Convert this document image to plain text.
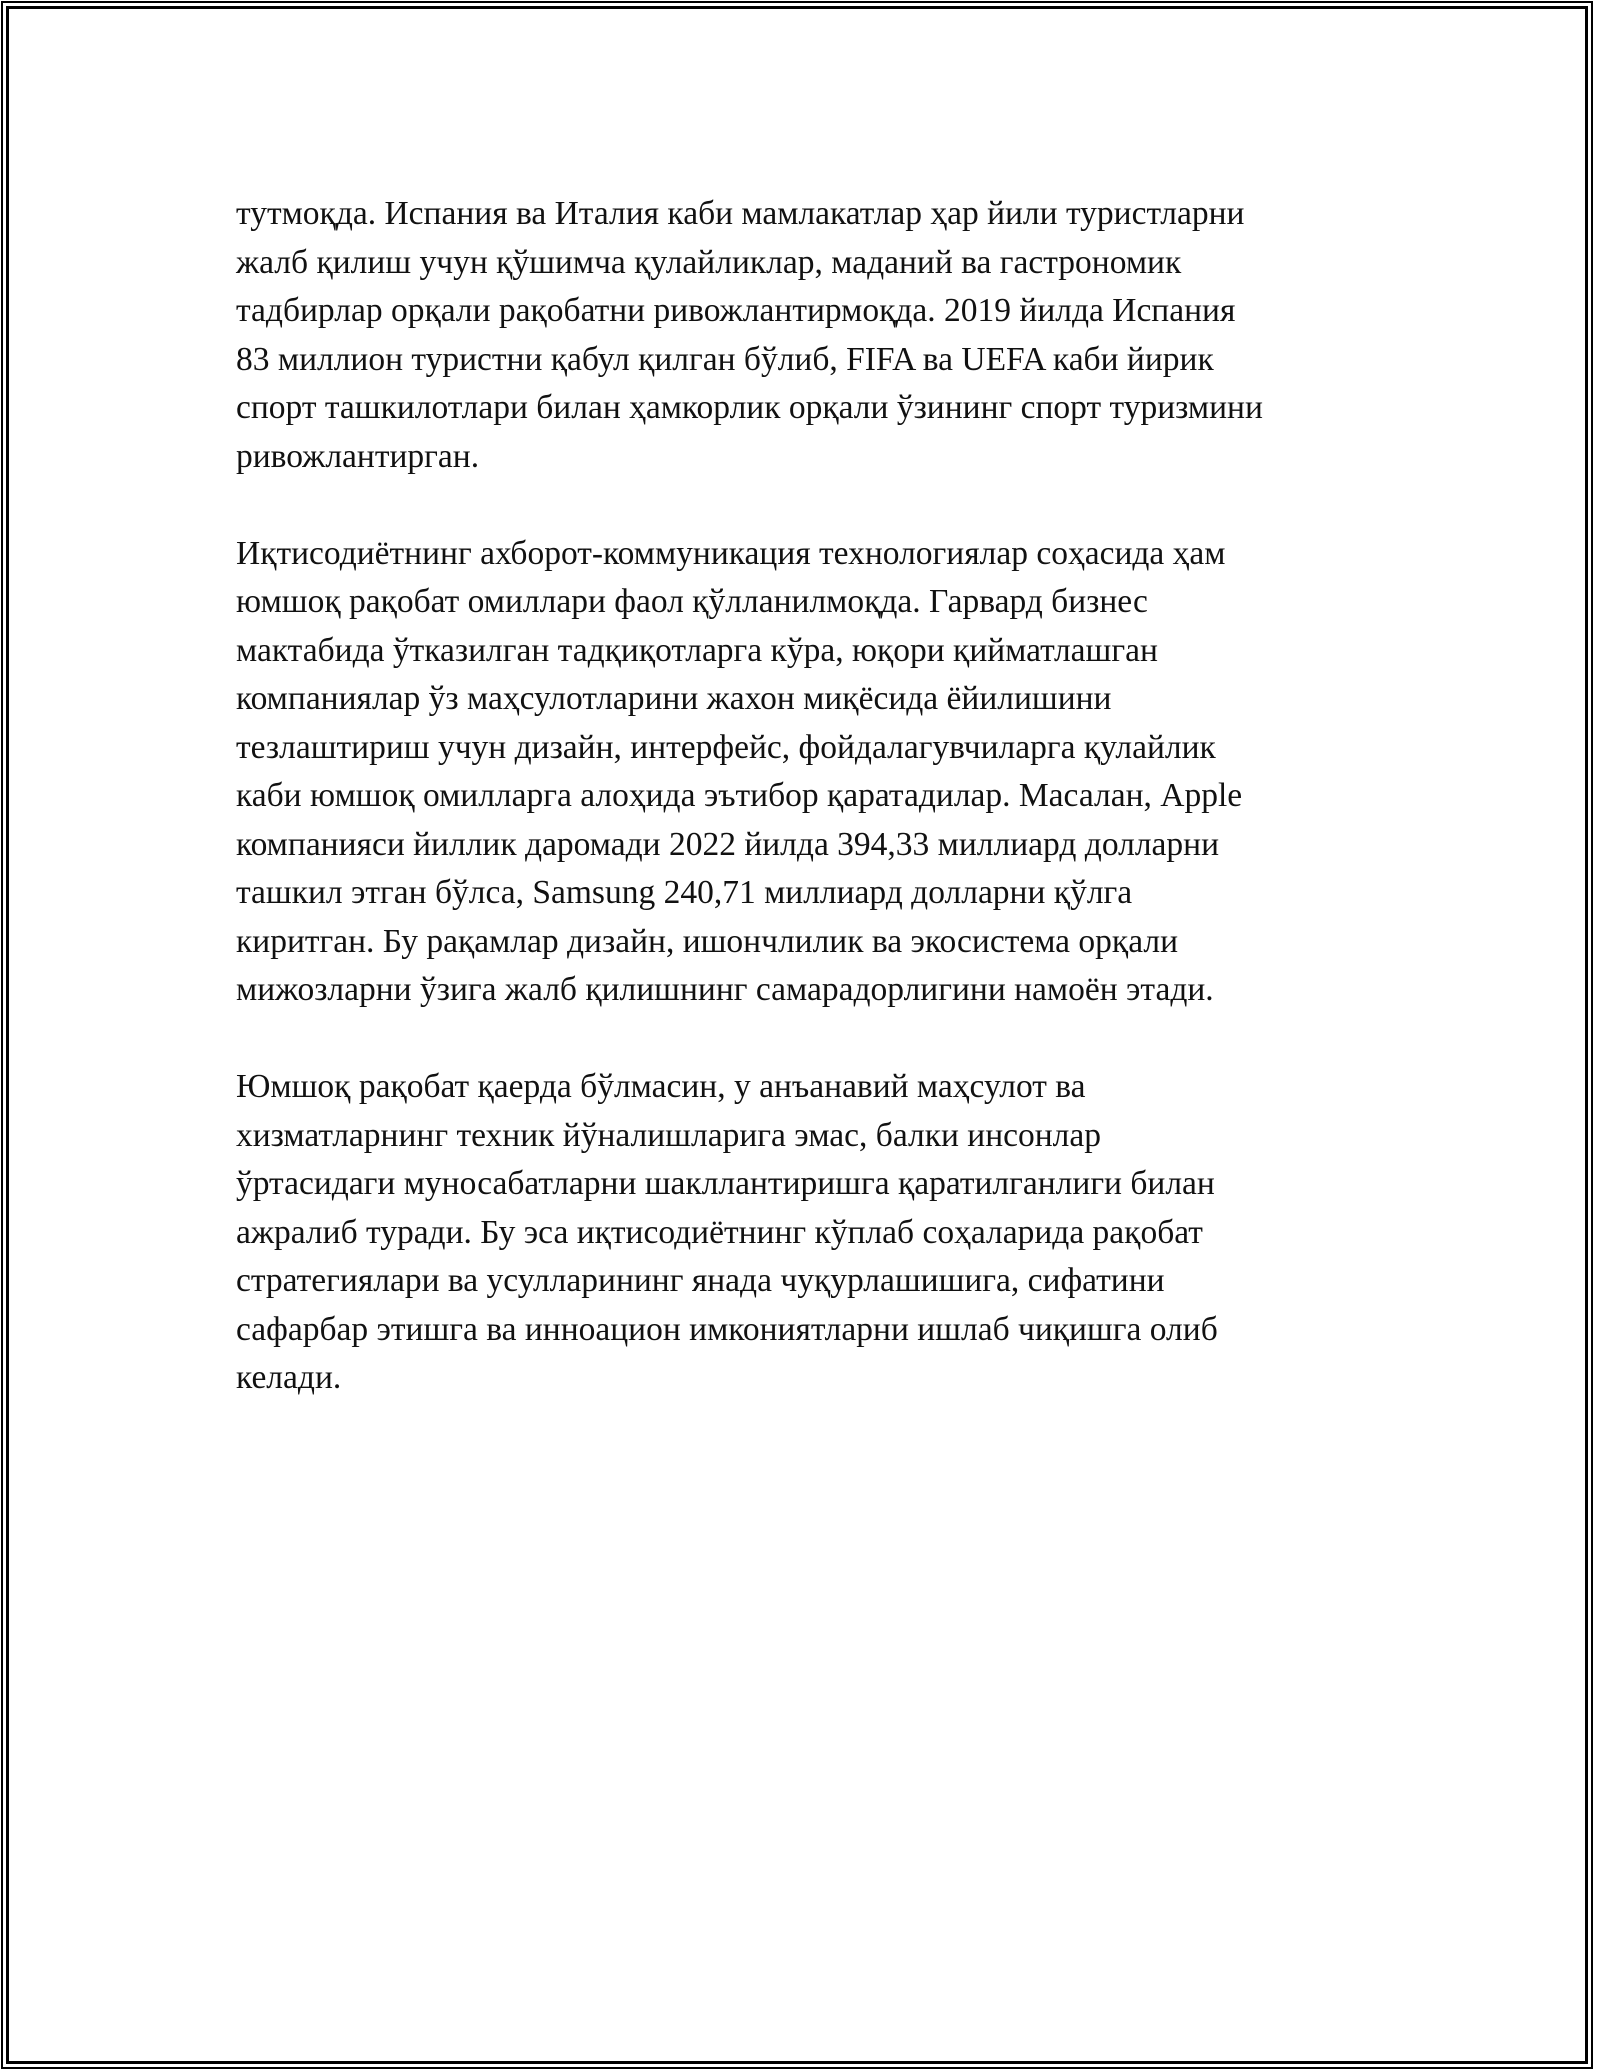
тутмоқда. Испания ва Италия каби мамлакатлар ҳар йили туристларни
жалб қилиш учун қўшимча қулайликлар, маданий ва гастрономик
тадбирлар орқали рақобатни ривожлантирмоқда. 2019 йилда Испания
83 миллион туристни қабул қилган бўлиб, FIFA ва UEFA каби йирик
спорт ташкилотлари билан ҳамкорлик орқали ўзининг спорт туризмини
ривожлантирган.

Иқтисодиётнинг ахборот-коммуникация технологиялар соҳасида ҳам
юмшоқ рақобат омиллари фаол қўлланилмоқда. Гарвард бизнес
мактабида ўтказилган тадқиқотларга кўра, юқори қийматлашган
компаниялар ўз маҳсулотларини жахон миқёсида ёйилишини
тезлаштириш учун дизайн, интерфейс, фойдалагувчиларга қулайлик
каби юмшоқ омилларга алоҳида эътибор қаратадилар. Масалан, Apple
компанияси йиллик даромади 2022 йилда 394,33 миллиард долларни
ташкил этган бўлса, Samsung 240,71 миллиард долларни қўлга
киритган. Бу рақамлар дизайн, ишончлилик ва экосистема орқали
мижозларни ўзига жалб қилишнинг самарадорлигини намоён этади.

Юмшоқ рақобат қаерда бўлмасин, у анъанавий маҳсулот ва
хизматларнинг техник йўналишларига эмас, балки инсонлар
ўртасидаги муносабатларни шакллантиришга қаратилганлиги билан
ажралиб туради. Бу эса иқтисодиётнинг кўплаб соҳаларида рақобат
стратегиялари ва усулларининг янада чуқурлашишига, сифатини
сафарбар этишга ва инноацион имкониятларни ишлаб чиқишга олиб
келади.
